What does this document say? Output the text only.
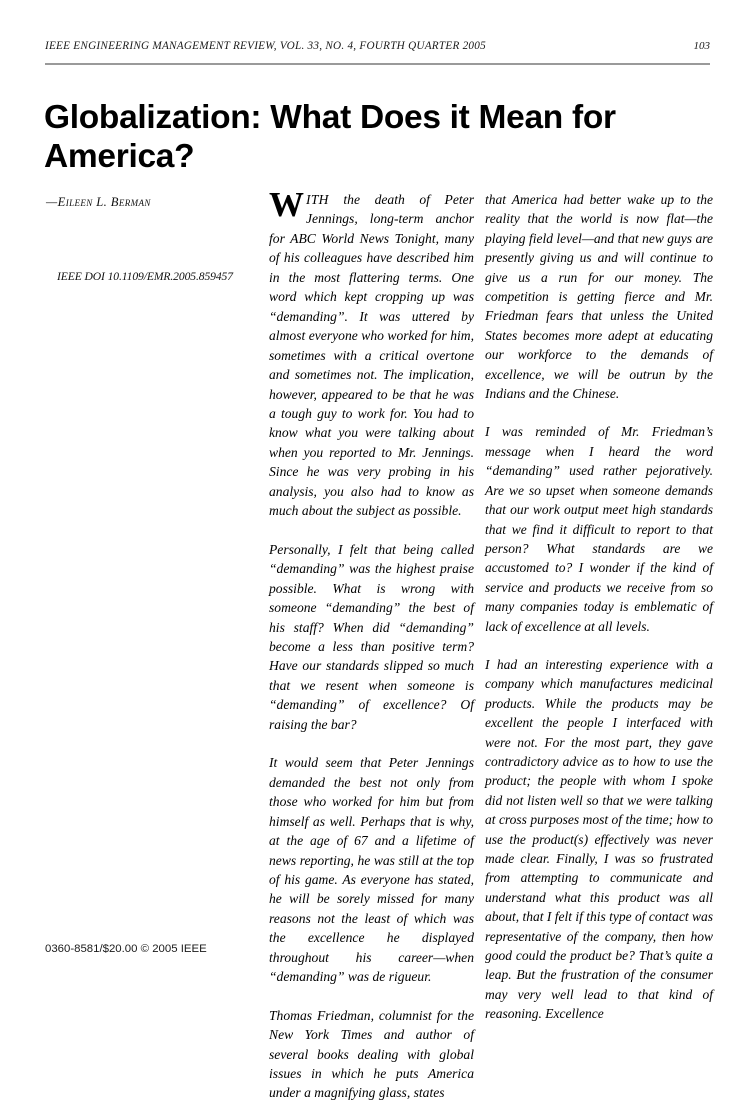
IEEE ENGINEERING MANAGEMENT REVIEW, VOL. 33, NO. 4, FOURTH QUARTER 2005	103
Globalization: What Does it Mean for America?
—Eileen L. Berman
IEEE DOI 10.1109/EMR.2005.859457

WITH the death of Peter Jennings, long-term anchor for ABC World News Tonight, many of his colleagues have described him in the most flattering terms. One word which kept cropping up was “demanding”. It was uttered by almost everyone who worked for him, sometimes with a critical overtone and sometimes not. The implication, however, appeared to be that he was a tough guy to work for. You had to know what you were talking about when you reported to Mr. Jennings. Since he was very probing in his analysis, you also had to know as much about the subject as possible.

Personally, I felt that being called “demanding” was the highest praise possible. What is wrong with someone “demanding” the best of his staff? When did “demanding” become a less than positive term? Have our standards slipped so much that we resent when someone is “demanding” of excellence? Of raising the bar?

It would seem that Peter Jennings demanded the best not only from those who worked for him but from himself as well. Perhaps that is why, at the age of 67 and a lifetime of news reporting, he was still at the top of his game. As everyone has stated, he will be sorely missed for many reasons not the least of which was the excellence he displayed throughout his career—when “demanding” was de rigueur.

Thomas Friedman, columnist for the New York Times and author of several books dealing with global issues in which he puts America under a magnifying glass, states

that America had better wake up to the reality that the world is now flat—the playing field level—and that new guys are presently giving us and will continue to give us a run for our money. The competition is getting fierce and Mr. Friedman fears that unless the United States becomes more adept at educating our workforce to the demands of excellence, we will be outrun by the Indians and the Chinese.

I was reminded of Mr. Friedman’s message when I heard the word “demanding” used rather pejoratively. Are we so upset when someone demands that our work output meet high standards that we find it difficult to report to that person? What standards are we accustomed to? I wonder if the kind of service and products we receive from so many companies today is emblematic of lack of excellence at all levels.

I had an interesting experience with a company which manufactures medicinal products. While the products may be excellent the people I interfaced with were not. For the most part, they gave contradictory advice as to how to use the product; the people with whom I spoke did not listen well so that we were talking at cross purposes most of the time; how to use the product(s) effectively was never made clear. Finally, I was so frustrated from attempting to communicate and understand what this product was all about, that I felt if this type of contact was representative of the company, then how good could the product be? That’s quite a leap. But the frustration of the consumer may very well lead to that kind of reasoning. Excellence

0360-8581/$20.00 © 2005 IEEE
